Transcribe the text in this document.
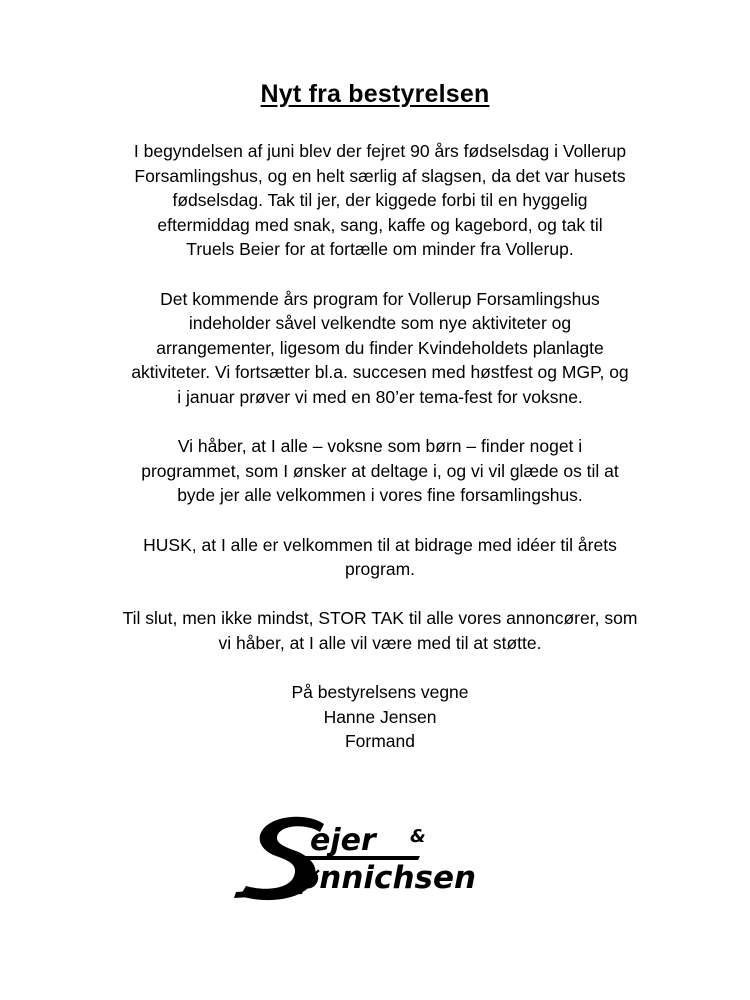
Nyt fra bestyrelsen

I begyndelsen af juni blev der fejret 90 års fødselsdag i Vollerup
Forsamlingshus, og en helt særlig af slagsen, da det var husets
fødselsdag. Tak til jer, der kiggede forbi til en hyggelig
eftermiddag med snak, sang, kaffe og kagebord, og tak til
Truels Beier for at fortælle om minder fra Vollerup.

Det kommende års program for Vollerup Forsamlingshus
indeholder såvel velkendte som nye aktiviteter og
arrangementer, ligesom du finder Kvindeholdets planlagte
aktiviteter. Vi fortsætter bl.a. succesen med høstfest og MGP, og
i januar prøver vi med en 80’er tema-fest for voksne.

Vi håber, at I alle – voksne som børn – finder noget i
programmet, som I ønsker at deltage i, og vi vil glæde os til at
byde jer alle velkommen i vores fine forsamlingshus.

HUSK, at I alle er velkommen til at bidrage med idéer til årets
program.

Til slut, men ikke mindst, STOR TAK til alle vores annoncører, som
vi håber, at I alle vil være med til at støtte.

På bestyrelsens vegne
Hanne Jensen
Formand

ejer &
ønnichsen
